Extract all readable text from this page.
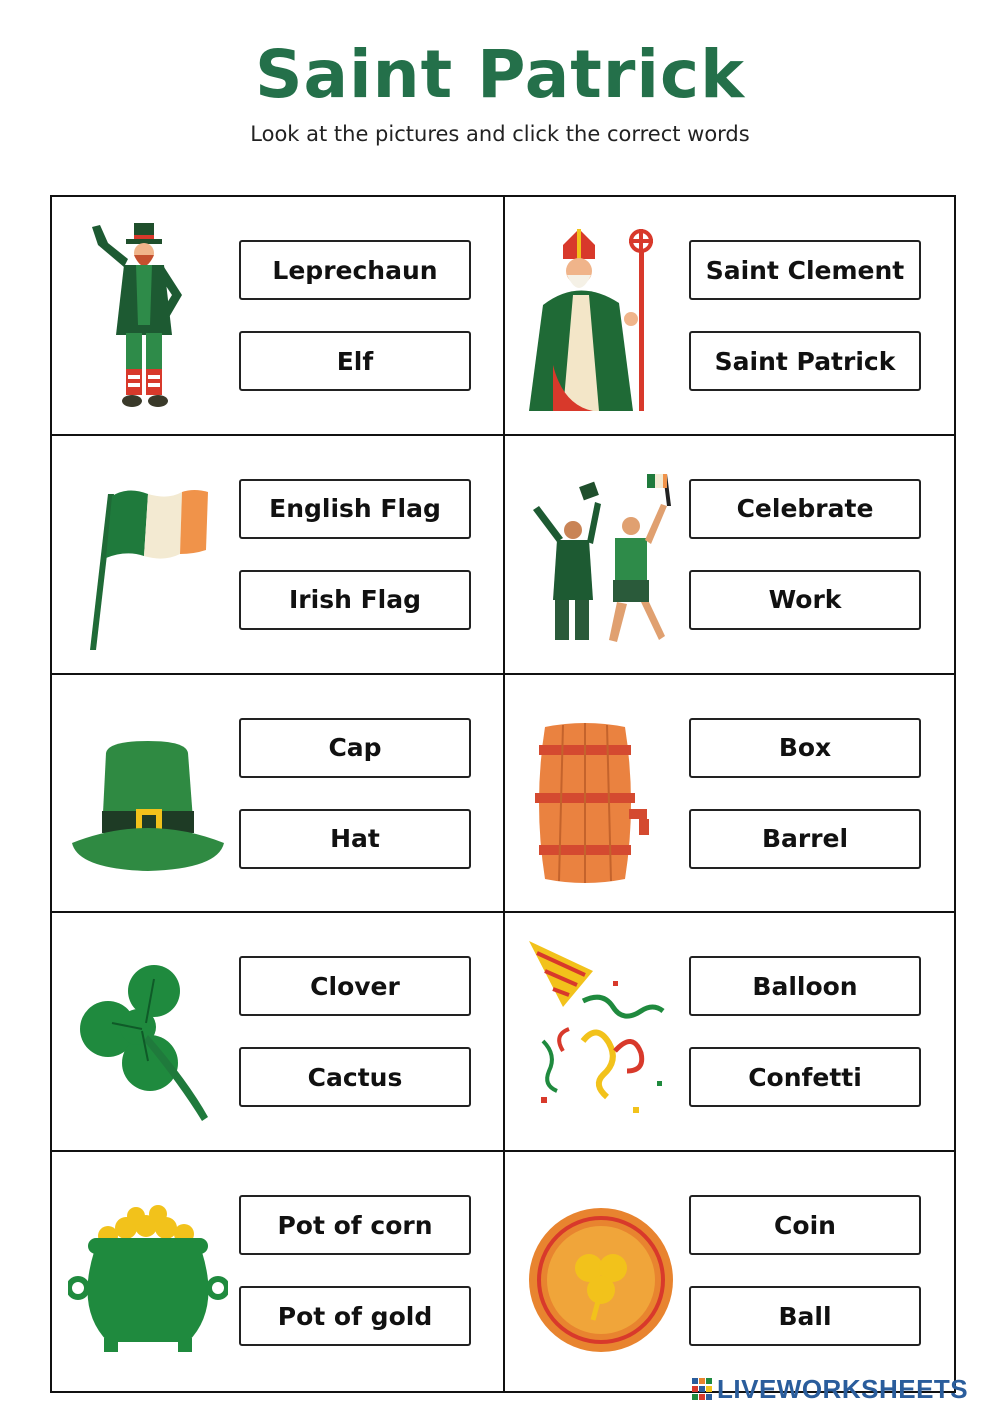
Saint Patrick
Look at the pictures and click the correct words
Leprechaun
Elf
Saint Clement
Saint Patrick
English Flag
Irish Flag
Celebrate
Work
Cap
Hat
Box
Barrel
Clover
Cactus
Balloon
Confetti
Pot of corn
Pot of gold
Coin
Ball
LIVEWORKSHEETS
